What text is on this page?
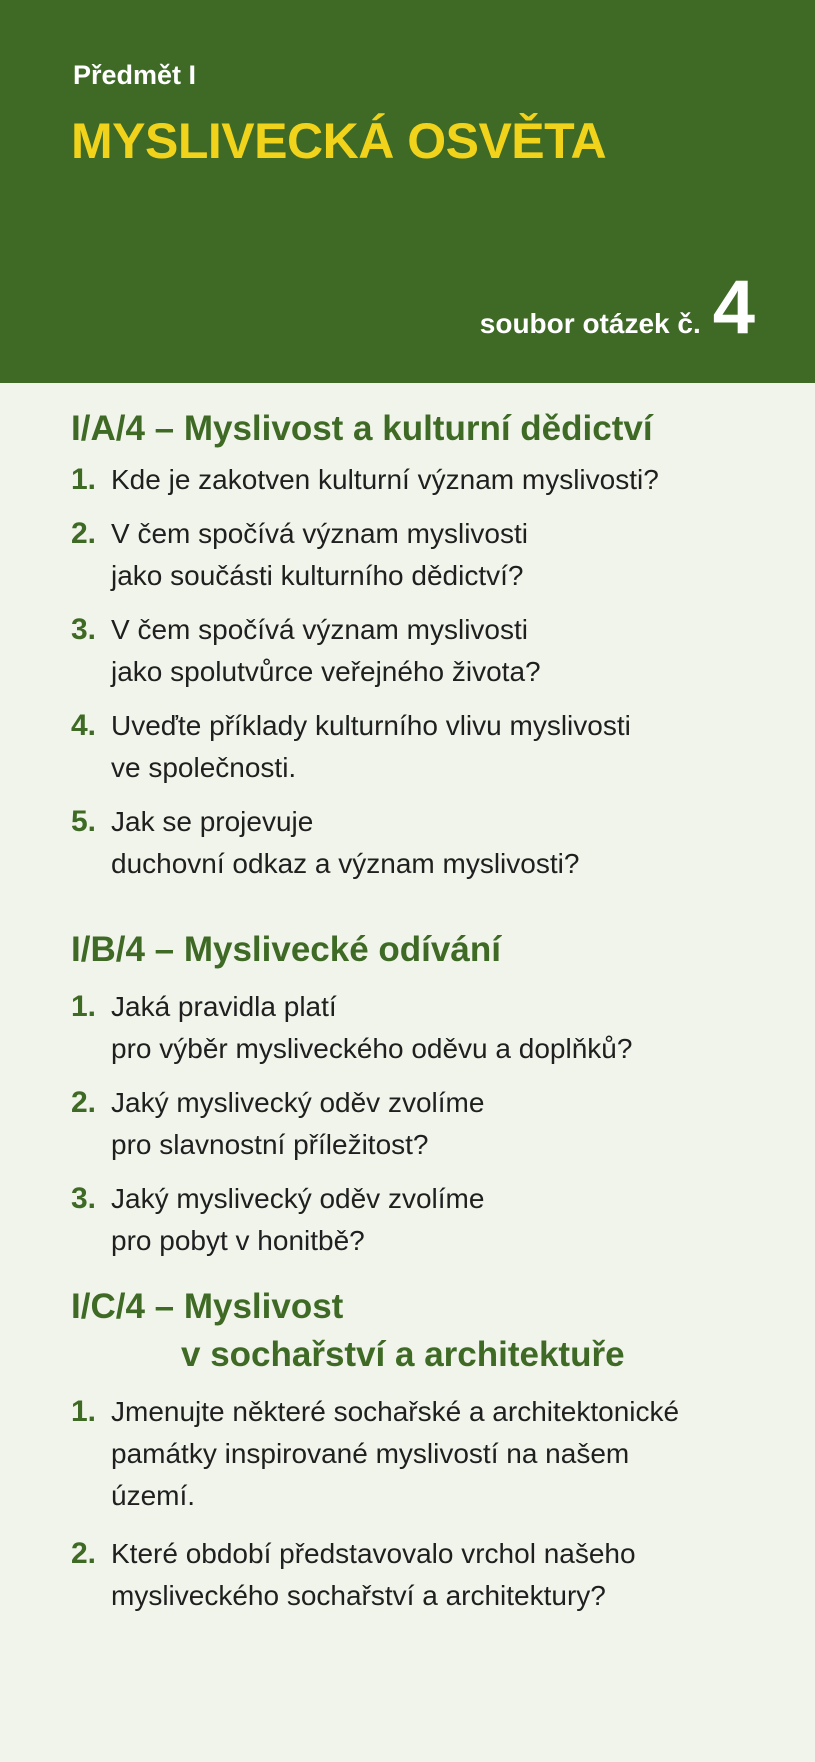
Předmět I
MYSLIVECKÁ OSVĚTA
soubor otázek č. 4
I/A/4 – Myslivost a kulturní dědictví
1. Kde je zakotven kulturní význam myslivosti?
2. V čem spočívá význam myslivosti
jako součásti kulturního dědictví?
3. V čem spočívá význam myslivosti
jako spolutvůrce veřejného života?
4. Uveďte příklady kulturního vlivu myslivosti
ve společnosti.
5. Jak se projevuje
duchovní odkaz a význam myslivosti?
I/B/4 – Myslivecké odívání
1. Jaká pravidla platí
pro výběr mysliveckého oděvu a doplňků?
2. Jaký myslivecký oděv zvolíme
pro slavnostní příležitost?
3. Jaký myslivecký oděv zvolíme
pro pobyt v honitbě?
I/C/4 – Myslivost
v sochařství a architektuře
1. Jmenujte některé sochařské a architektonické
památky inspirované myslivostí na našem
území.
2. Které období představovalo vrchol našeho
mysliveckého sochařství a architektury?
